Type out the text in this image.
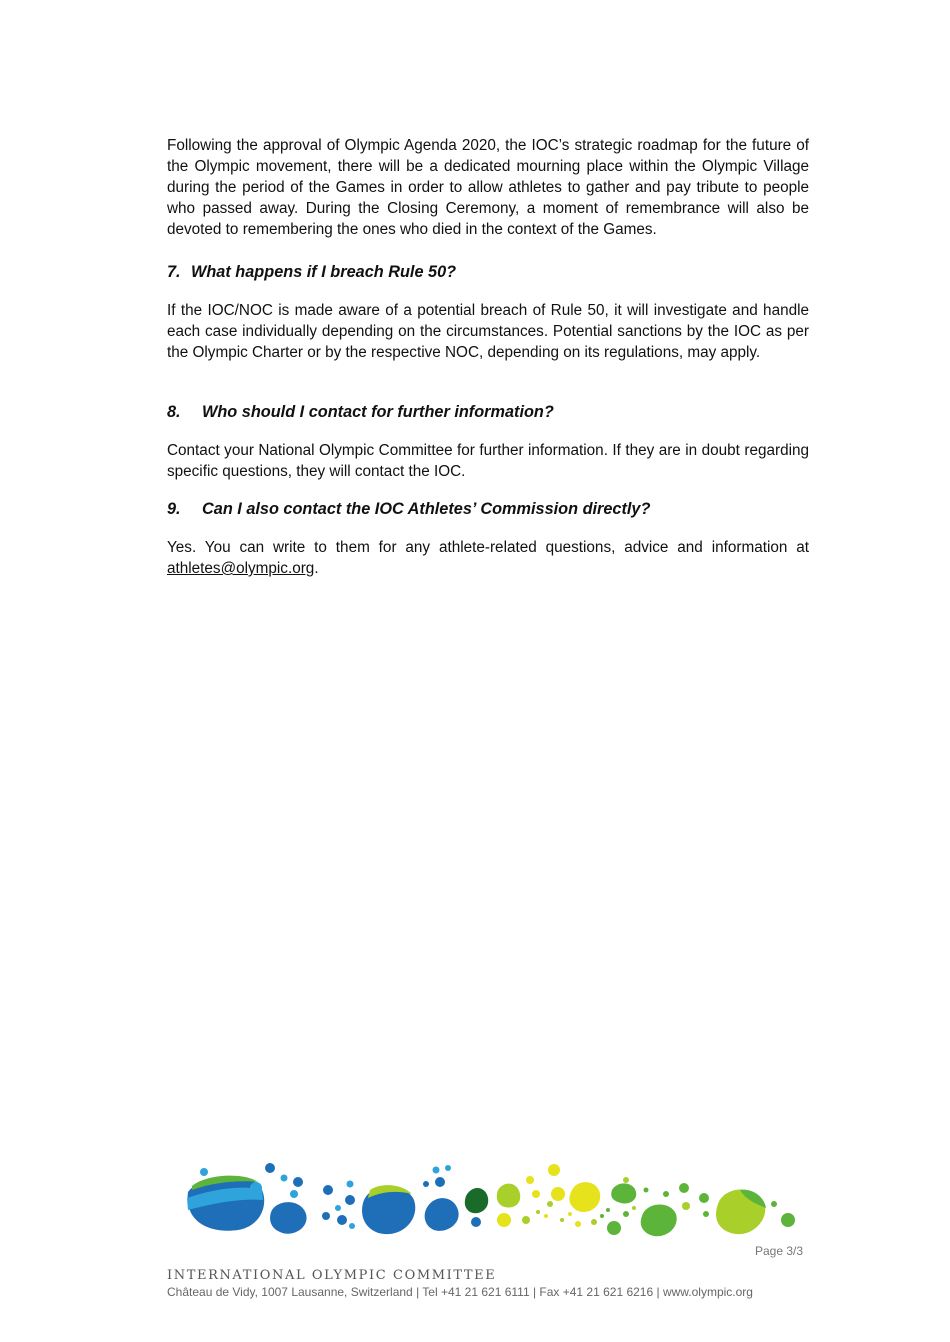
Following the approval of Olympic Agenda 2020, the IOC’s strategic roadmap for the future of the Olympic movement, there will be a dedicated mourning place within the Olympic Village during the period of the Games in order to allow athletes to gather and pay tribute to people who passed away. During the Closing Ceremony, a moment of remembrance will also be devoted to remembering the ones who died in the context of the Games.

7. What happens if I breach Rule 50?

If the IOC/NOC is made aware of a potential breach of Rule 50, it will investigate and handle each case individually depending on the circumstances. Potential sanctions by the IOC as per the Olympic Charter or by the respective NOC, depending on its regulations, may apply.

8. Who should I contact for further information?

Contact your National Olympic Committee for further information. If they are in doubt regarding specific questions, they will contact the IOC.

9. Can I also contact the IOC Athletes’ Commission directly?

Yes. You can write to them for any athlete-related questions, advice and information at athletes@olympic.org.

Page 3/3
INTERNATIONAL OLYMPIC COMMITTEE
Château de Vidy, 1007 Lausanne, Switzerland | Tel +41 21 621 6111 | Fax +41 21 621 6216 | www.olympic.org
